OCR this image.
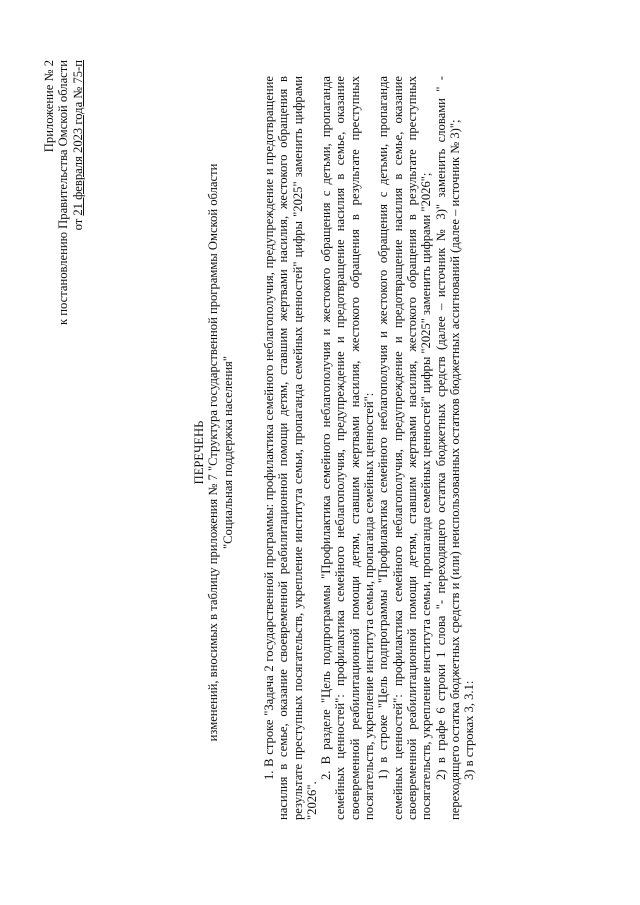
Приложение № 2 к постановлению Правительства Омской области от 21 февраля 2023 года № 75-п
ПЕРЕЧЕНЬ изменений, вносимых в таблицу приложения № 7 "Структура государственной программы Омской области "Социальная поддержка населения" 1. В строке "Задача 2 государственной программы: профилактика семейного неблагополучия, предупреждение и предотвращение насилия в семье, оказание своевременной реабилитационной помощи детям, ставшим жертвами насилия, жестокого обращения в результате преступных посягательств, укрепление института семьи, пропаганда семейных ценностей" цифры "2025" заменить цифрами "2026".

2. В разделе "Цель подпрограммы "Профилактика семейного неблагополучия и жестокого обращения с детьми, пропаганда семейных ценностей": профилактика семейного неблагополучия, предупреждение и предотвращение насилия в семье, оказание своевременной реабилитационной помощи детям, ставшим жертвами насилия, жестокого обращения в результате преступных посягательств, укрепление института семьи, пропаганда семейных ценностей": 1) в строке "Цель подпрограммы "Профилактика семейного неблагополучия и жестокого обращения с детьми, пропаганда семейных ценностей": профилактика семейного неблагополучия, предупреждение и предотвращение насилия в семье, оказание своевременной реабилитационной помощи детям, ставшим жертвами насилия, жестокого обращения в результате преступных посягательств, укрепление института семьи, пропаганда семейных ценностей" цифры "2025" заменить цифрами "2026"; 2) в графе 6 строки 1 слова "- переходящего остатка бюджетных средств (далее – источник № 3)" заменить словами " - переходящего остатка бюджетных средств и (или) неиспользованных остатков бюджетных ассигнований (далее – источник № 3)"; 3) в строках 3, 3.1:
